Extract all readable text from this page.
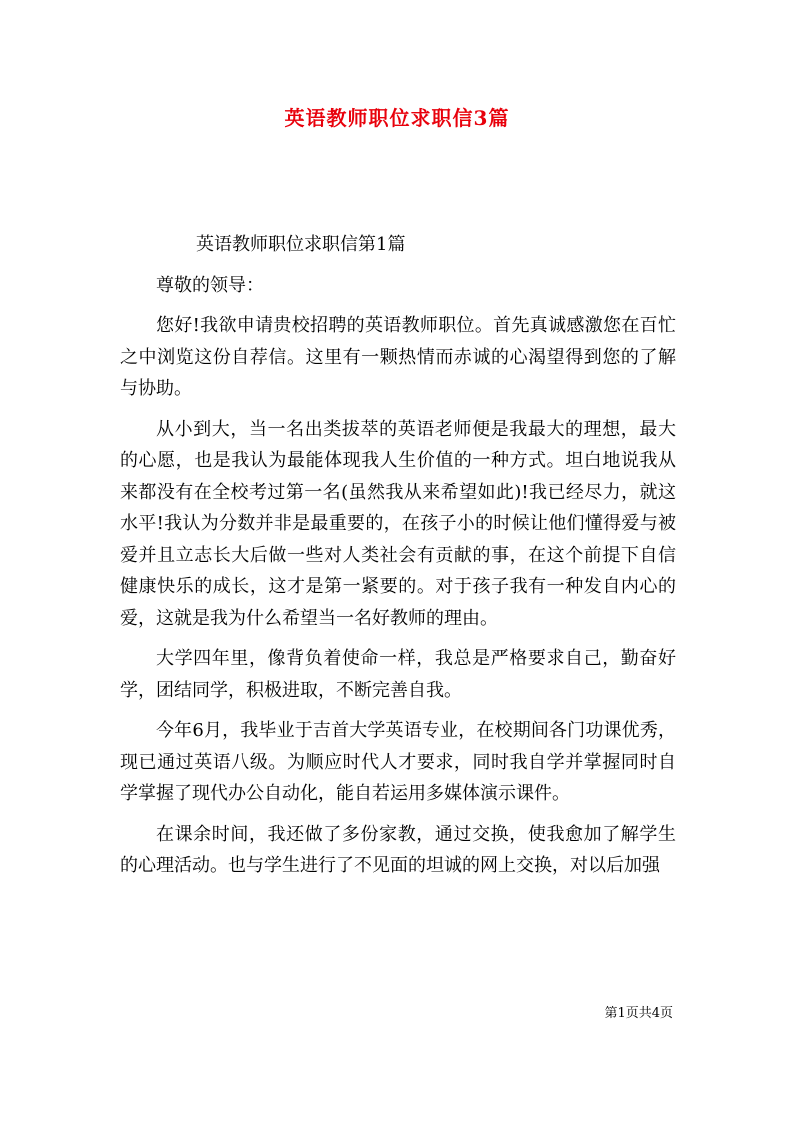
英语教师职位求职信3篇

英语教师职位求职信第1篇

尊敬的领导：

您好!我欲申请贵校招聘的英语教师职位。首先真诚感激您在百忙之中浏览这份自荐信。这里有一颗热情而赤诚的心渴望得到您的了解与协助。

从小到大，当一名出类拔萃的英语老师便是我最大的理想，最大的心愿，也是我认为最能体现我人生价值的一种方式。坦白地说我从来都没有在全校考过第一名(虽然我从来希望如此)!我已经尽力，就这水平!我认为分数并非是最重要的，在孩子小的时候让他们懂得爱与被爱并且立志长大后做一些对人类社会有贡献的事，在这个前提下自信健康快乐的成长，这才是第一紧要的。对于孩子我有一种发自内心的爱，这就是我为什么希望当一名好教师的理由。

大学四年里，像背负着使命一样，我总是严格要求自己，勤奋好学，团结同学，积极进取，不断完善自我。

今年6月，我毕业于吉首大学英语专业，在校期间各门功课优秀，现已通过英语八级。为顺应时代人才要求，同时我自学并掌握同时自学掌握了现代办公自动化，能自若运用多媒体演示课件。

在课余时间，我还做了多份家教，通过交换，使我愈加了解学生的心理活动。也与学生进行了不见面的坦诚的网上交换，对以后加强

第1页共4页
